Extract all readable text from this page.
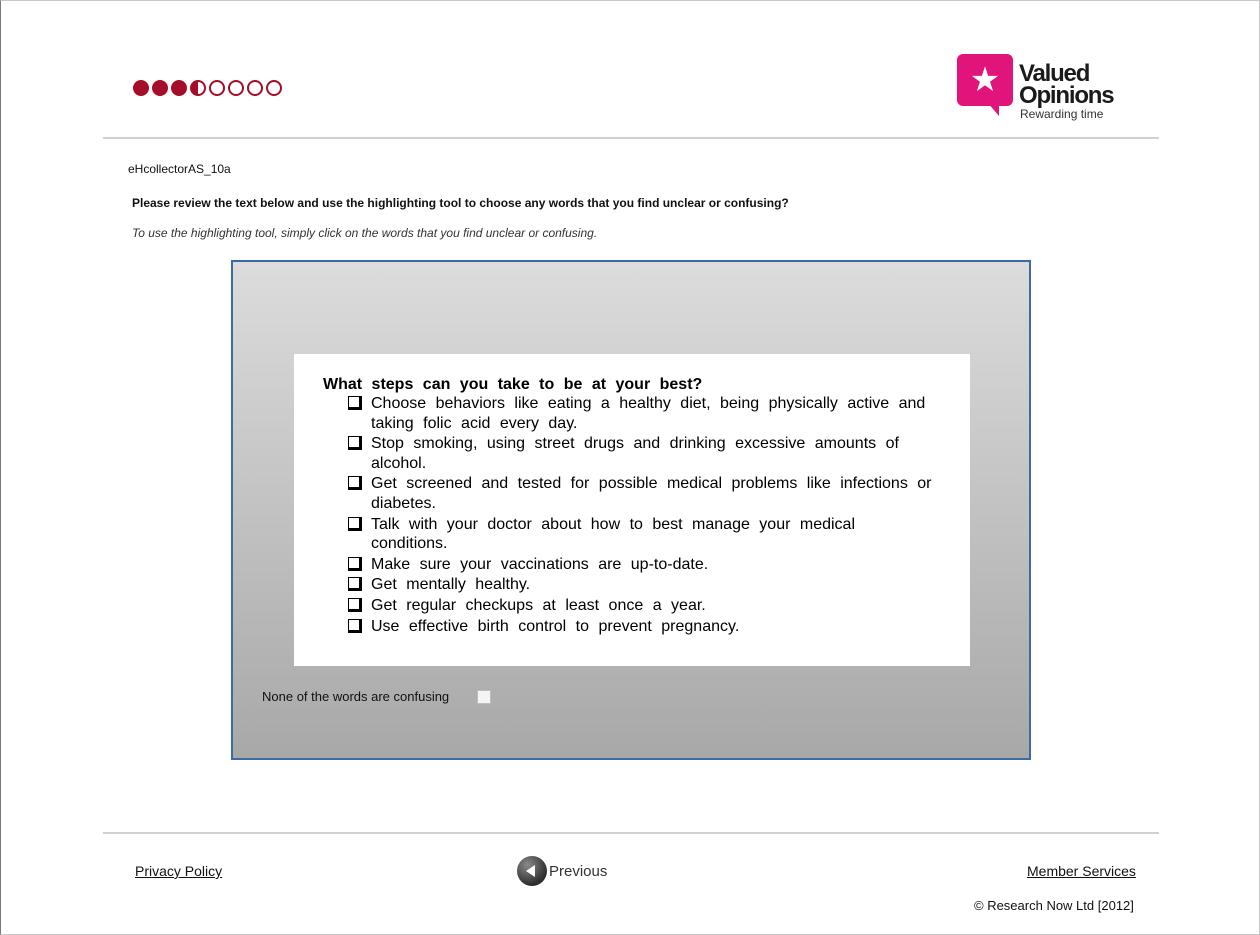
★ Valued
Opinions
Rewarding time
eHcollectorAS_10a
Please review the text below and use the highlighting tool to choose any words that you find unclear or confusing?
To use the highlighting tool, simply click on the words that you find unclear or confusing.
What steps can you take to be at your best?
Choose behaviors like eating a healthy diet, being physically active and taking folic acid every day.
Stop smoking, using street drugs and drinking excessive amounts of alcohol.
Get screened and tested for possible medical problems like infections or diabetes.
Talk with your doctor about how to best manage your medical conditions.
Make sure your vaccinations are up-to-date.
Get mentally healthy.
Get regular checkups at least once a year.
Use effective birth control to prevent pregnancy.
None of the words are confusing
Privacy Policy	Previous	Member Services
© Research Now Ltd [2012]
